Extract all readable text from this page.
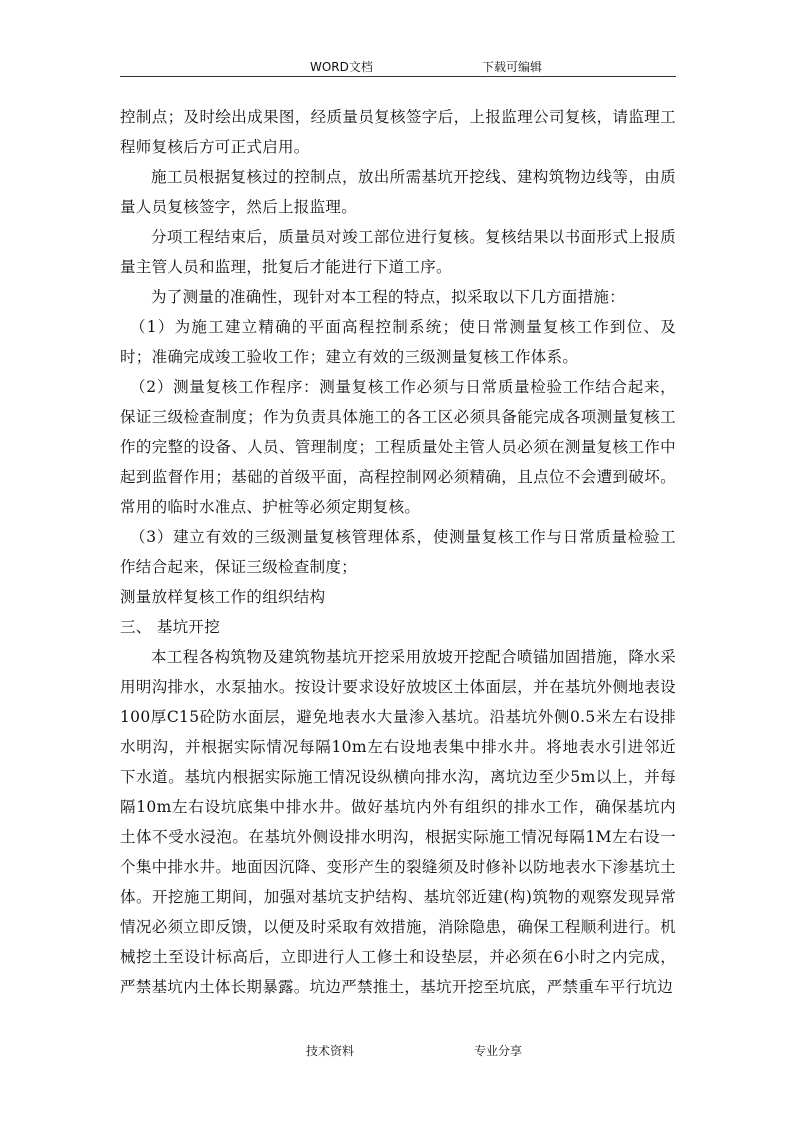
WORD文档	下载可编辑

控制点；及时绘出成果图，经质量员复核签字后，上报监理公司复核，请监理工程师复核后方可正式启用。

施工员根据复核过的控制点，放出所需基坑开挖线、建构筑物边线等，由质量人员复核签字，然后上报监理。

分项工程结束后，质量员对竣工部位进行复核。复核结果以书面形式上报质量主管人员和监理，批复后才能进行下道工序。

为了测量的准确性，现针对本工程的特点，拟采取以下几方面措施：

（1）为施工建立精确的平面高程控制系统；使日常测量复核工作到位、及时；准确完成竣工验收工作；建立有效的三级测量复核工作体系。

（2）测量复核工作程序：测量复核工作必须与日常质量检验工作结合起来，保证三级检查制度；作为负责具体施工的各工区必须具备能完成各项测量复核工作的完整的设备、人员、管理制度；工程质量处主管人员必须在测量复核工作中起到监督作用；基础的首级平面，高程控制网必须精确，且点位不会遭到破坏。常用的临时水准点、护桩等必须定期复核。

（3）建立有效的三级测量复核管理体系，使测量复核工作与日常质量检验工作结合起来，保证三级检查制度；

测量放样复核工作的组织结构

三、 基坑开挖

本工程各构筑物及建筑物基坑开挖采用放坡开挖配合喷锚加固措施，降水采用明沟排水，水泵抽水。按设计要求设好放坡区土体面层，并在基坑外侧地表设100厚C15砼防水面层，避免地表水大量渗入基坑。沿基坑外侧0.5米左右设排水明沟，并根据实际情况每隔10m左右设地表集中排水井。将地表水引进邻近下水道。基坑内根据实际施工情况设纵横向排水沟，离坑边至少5m以上，并每隔10m左右设坑底集中排水井。做好基坑内外有组织的排水工作，确保基坑内土体不受水浸泡。在基坑外侧设排水明沟，根据实际施工情况每隔1M左右设一个集中排水井。地面因沉降、变形产生的裂缝须及时修补以防地表水下渗基坑土体。开挖施工期间，加强对基坑支护结构、基坑邻近建(构)筑物的观察发现异常情况必须立即反馈，以便及时采取有效措施，消除隐患，确保工程顺利进行。机械挖土至设计标高后，立即进行人工修土和设垫层，并必须在6小时之内完成，严禁基坑内土体长期暴露。坑边严禁推土，基坑开挖至坑底，严禁重车平行坑边

技术资料	专业分享
